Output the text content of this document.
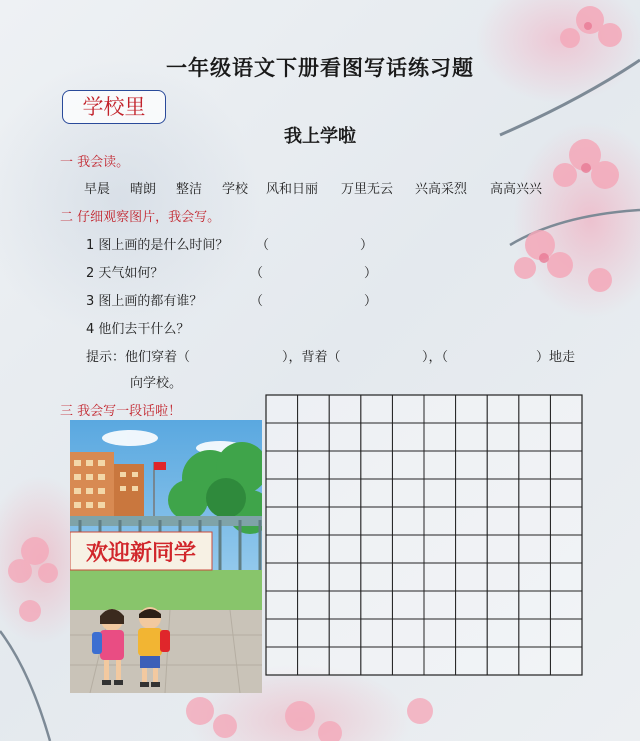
一年级语文下册看图写话练习题
学校里
我上学啦
一 我会读。
早晨 晴朗 整洁 学校 风和日丽 万里无云 兴高采烈 高高兴兴
二 仔细观察图片，我会写。
1 图上画的是什么时间？ （	）
2 天气如何？	（	）
3 图上画的都有谁？	（	）
4 他们去干什么？
提示：他们穿着（	），背着（	），（	）地走
向学校。
三 我会写一段话啦！
欢迎新同学
